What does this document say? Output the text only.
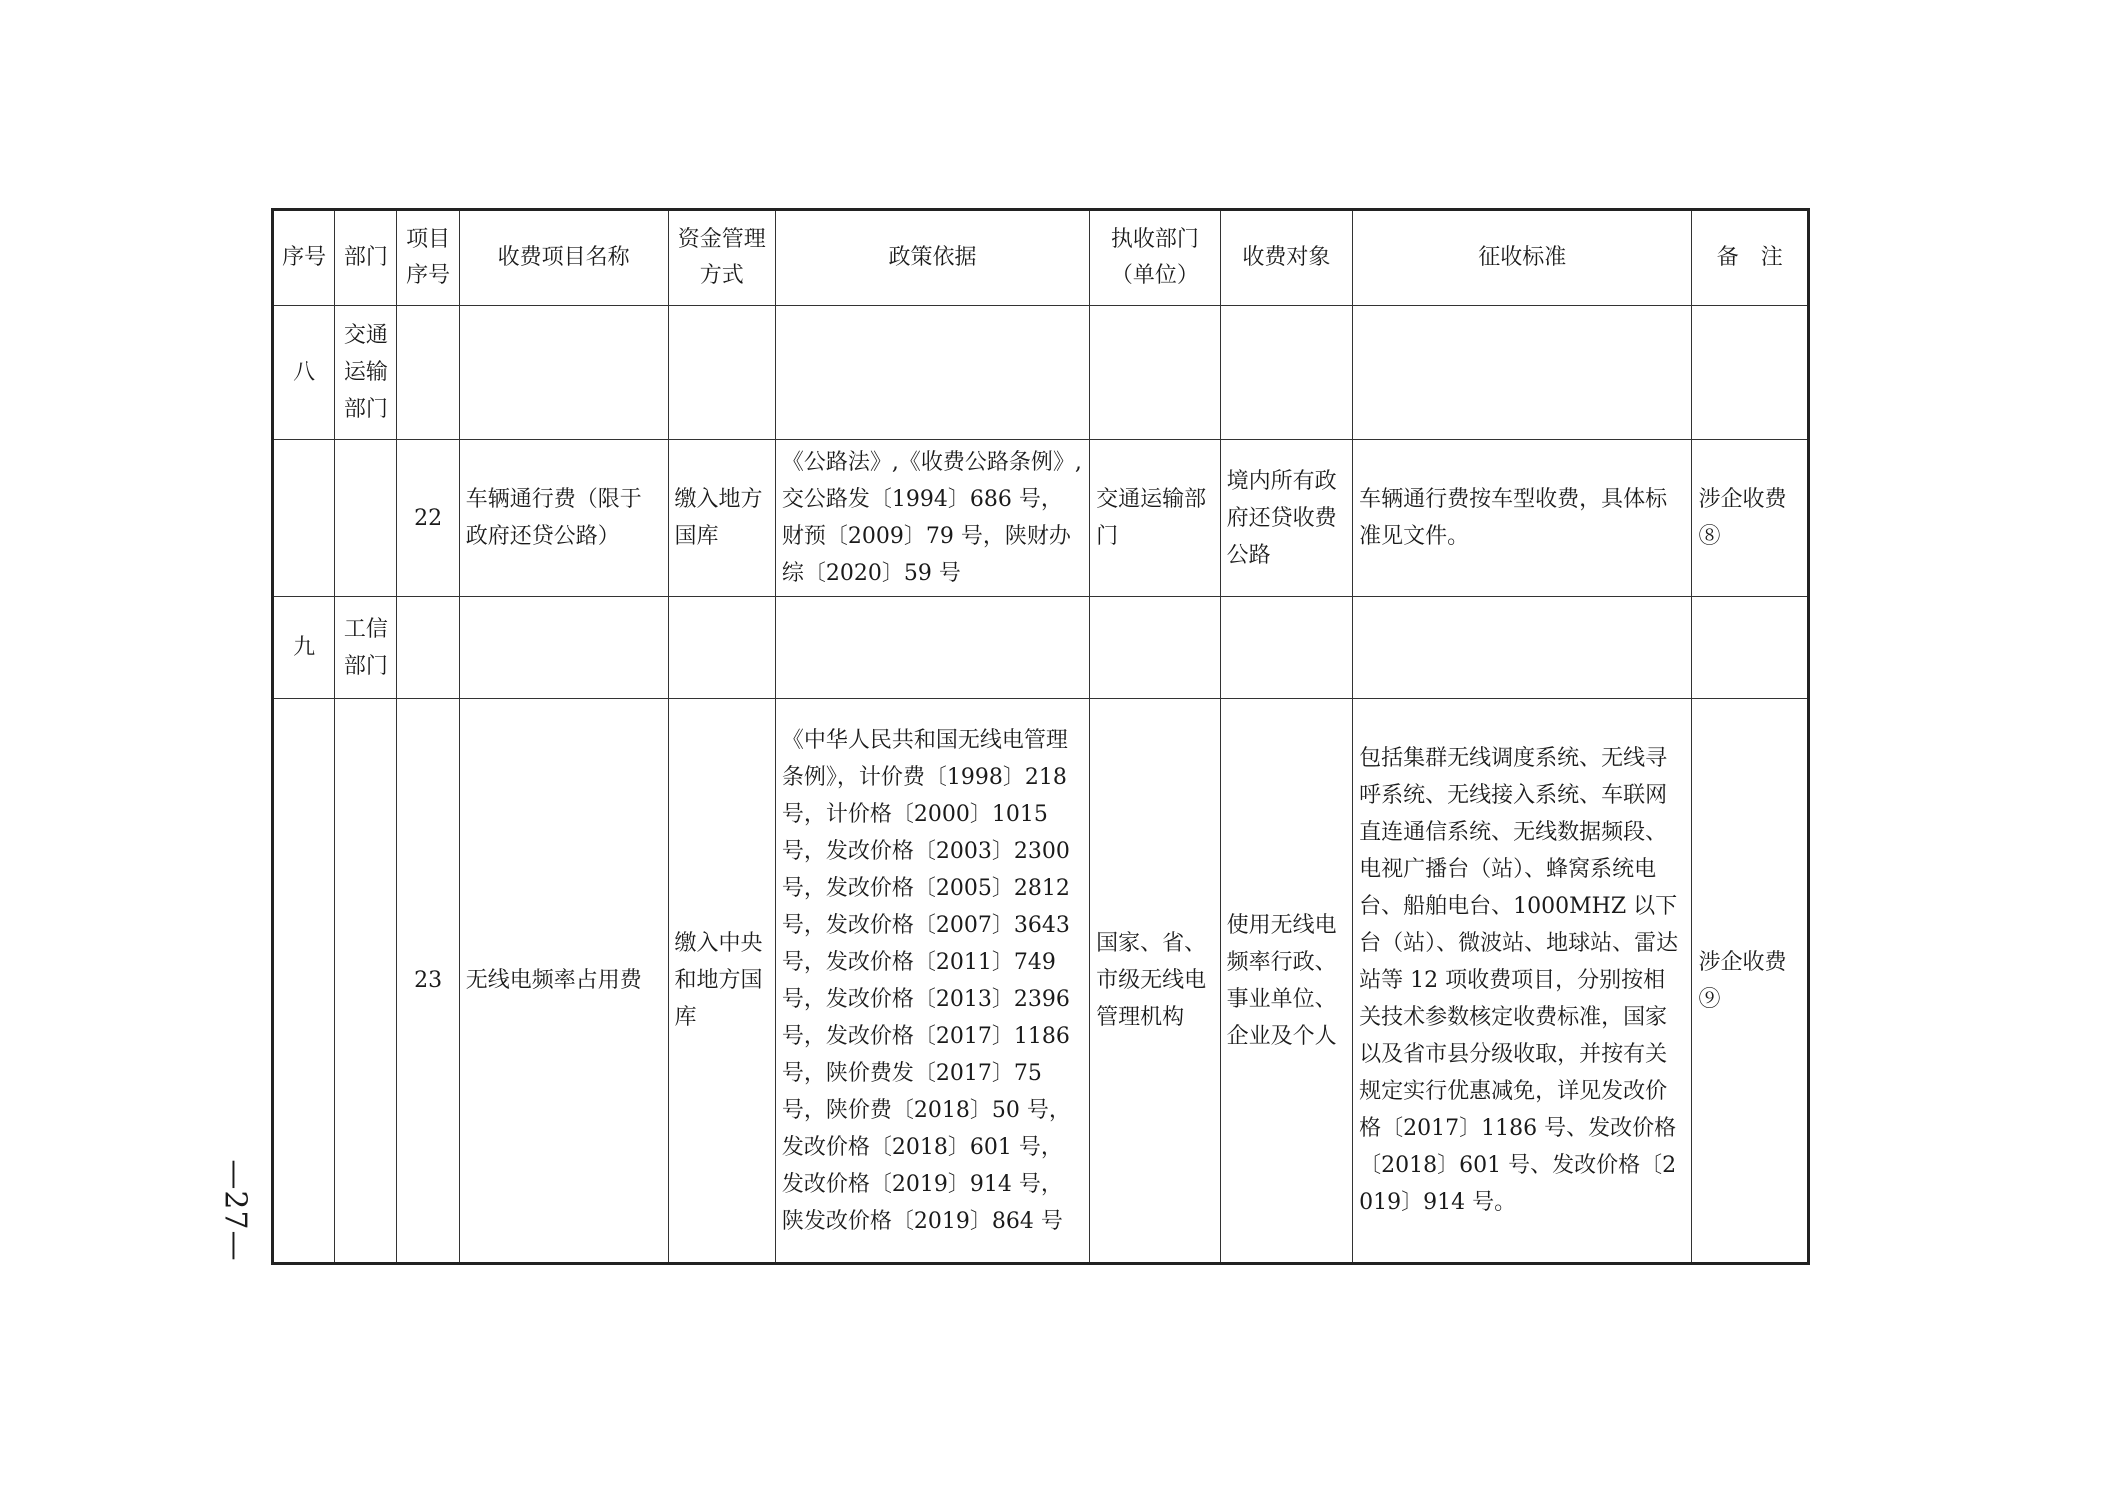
序号	部门	项目序号	收费项目名称	资金管理方式	政策依据	执收部门（单位）	收费对象	征收标准	备　注
八	交通运输部门								
		22	车辆通行费（限于政府还贷公路）	缴入地方国库	《公路法》,《收费公路条例》,交公路发〔1994〕686 号，财预〔2009〕79 号，陕财办综〔2020〕59 号	交通运输部门	境内所有政府还贷收费公路	车辆通行费按车型收费，具体标准见文件。	涉企收费⑧
九	工信部门								
		23	无线电频率占用费	缴入中央和地方国库	《中华人民共和国无线电管理条例》，计价费〔1998〕218 号，计价格〔2000〕1015 号，发改价格〔2003〕2300 号，发改价格〔2005〕2812 号，发改价格〔2007〕3643 号，发改价格〔2011〕749 号，发改价格〔2013〕2396 号，发改价格〔2017〕1186 号，陕价费发〔2017〕75 号，陕价费〔2018〕50 号，发改价格〔2018〕601 号，发改价格〔2019〕914 号，陕发改价格〔2019〕864 号	国家、省、市级无线电管理机构	使用无线电频率行政、事业单位、企业及个人	包括集群无线调度系统、无线寻呼系统、无线接入系统、车联网直连通信系统、无线数据频段、电视广播台（站）、蜂窝系统电台、船舶电台、1000MHZ 以下台（站）、微波站、地球站、雷达站等 12 项收费项目，分别按相关技术参数核定收费标准，国家以及省市县分级收取，并按有关规定实行优惠减免，详见发改价格〔2017〕1186 号、发改价格〔2018〕601 号、发改价格〔2019〕914 号。	涉企收费⑨
—27—
